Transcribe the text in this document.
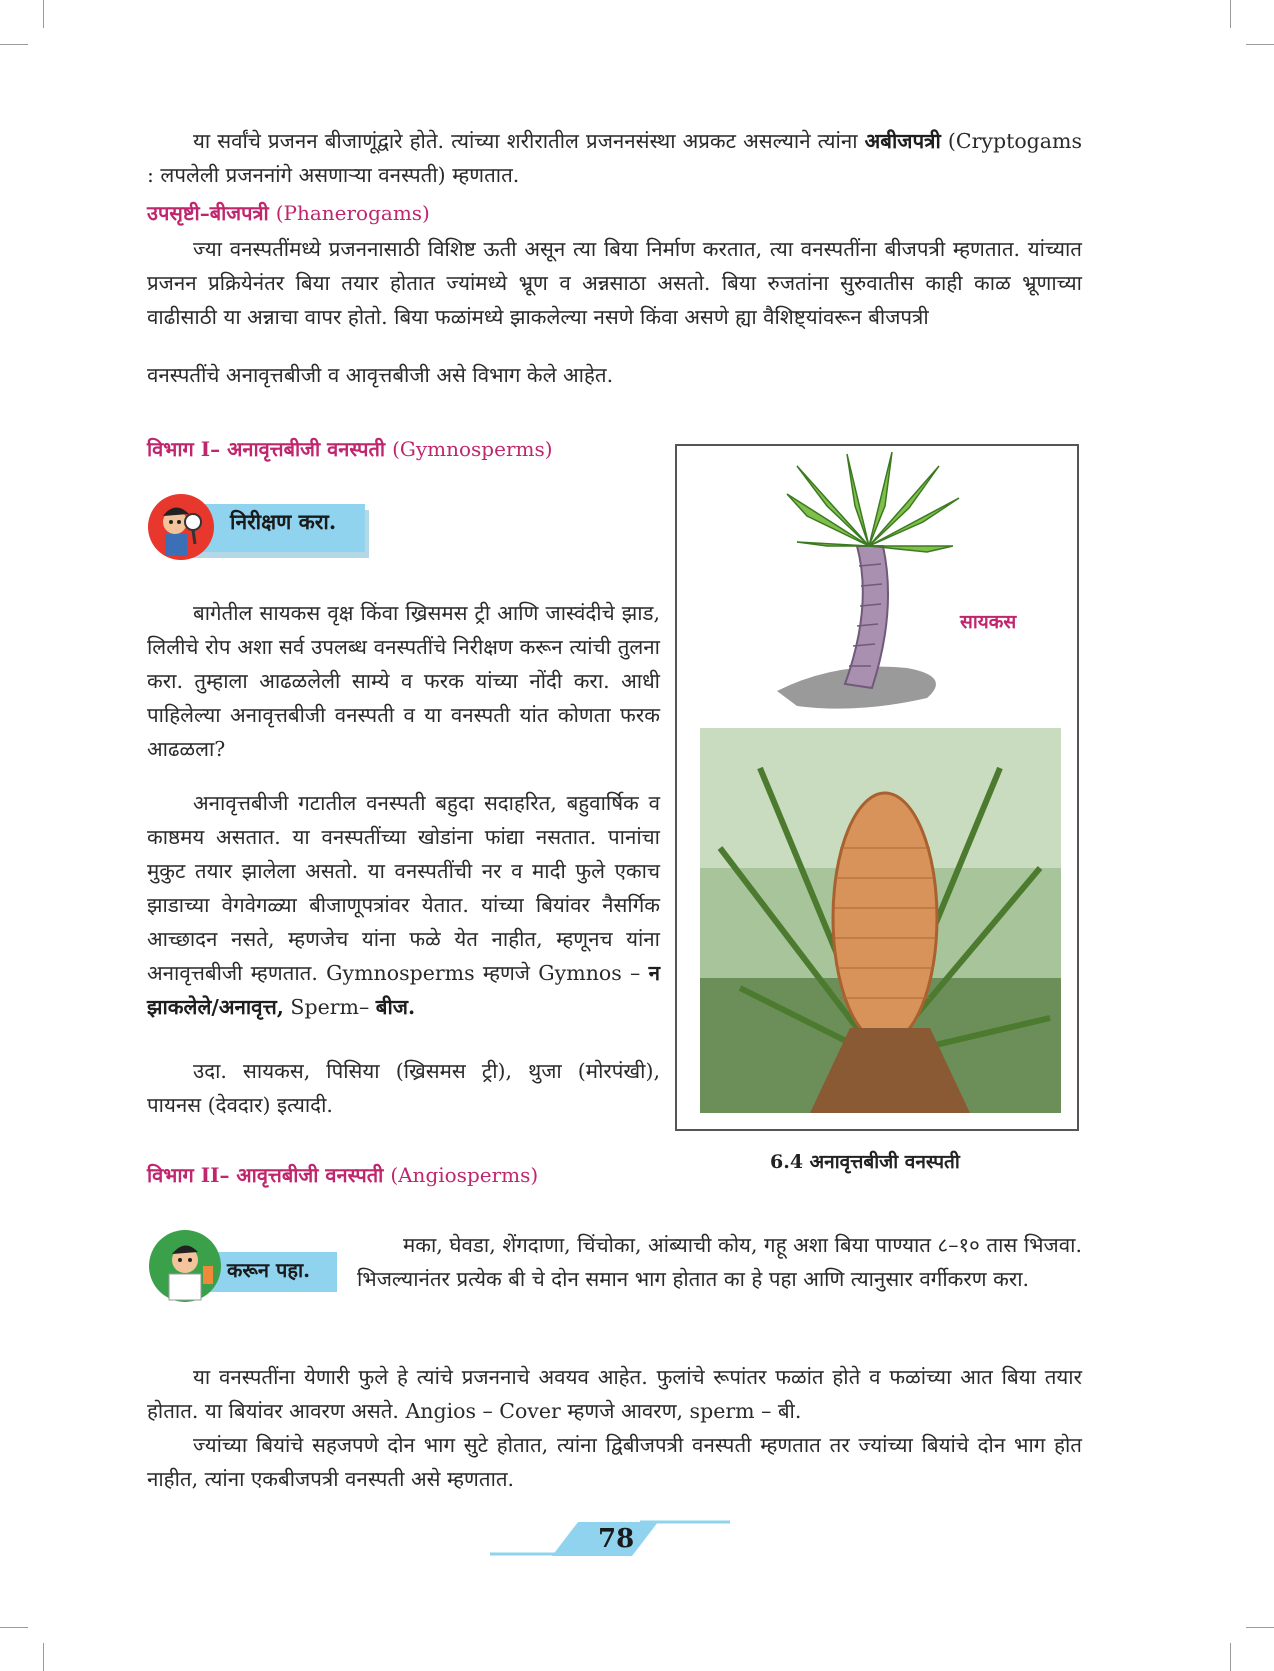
या सर्वांचे प्रजनन बीजाणूंद्वारे होते. त्यांच्या शरीरातील प्रजननसंस्था अप्रकट असल्याने त्यांना अबीजपत्री (Cryptogams : लपलेली प्रजननांगे असणाऱ्या वनस्पती) म्हणतात.

उपसृष्टी–बीजपत्री (Phanerogams)

ज्या वनस्पतींमध्ये प्रजननासाठी विशिष्ट ऊती असून त्या बिया निर्माण करतात, त्या वनस्पतींना बीजपत्री म्हणतात. यांच्यात प्रजनन प्रक्रियेनंतर बिया तयार होतात ज्यांमध्ये भ्रूण व अन्नसाठा असतो. बिया रुजतांना सुरुवातीस काही काळ भ्रूणाच्या वाढीसाठी या अन्नाचा वापर होतो. बिया फळांमध्ये झाकलेल्या नसणे किंवा असणे ह्या वैशिष्ट्यांवरून बीजपत्री

वनस्पतींचे अनावृत्तबीजी व आवृत्तबीजी असे विभाग केले आहेत.

विभाग I– अनावृत्तबीजी वनस्पती (Gymnosperms)
निरीक्षण करा.

बागेतील सायकस वृक्ष किंवा ख्रिसमस ट्री आणि जास्वंदीचे झाड, लिलीचे रोप अशा सर्व उपलब्ध वनस्पतींचे निरीक्षण करून त्यांची तुलना करा. तुम्हाला आढळलेली साम्ये व फरक यांच्या नोंदी करा. आधी पाहिलेल्या अनावृत्तबीजी वनस्पती व या वनस्पती यांत कोणता फरक आढळला?

अनावृत्तबीजी गटातील वनस्पती बहुदा सदाहरित, बहुवार्षिक व काष्ठमय असतात. या वनस्पतींच्या खोडांना फांद्या नसतात. पानांचा मुकुट तयार झालेला असतो. या वनस्पतींची नर व मादी फुले एकाच झाडाच्या वेगवेगळ्या बीजाणूपत्रांवर येतात. यांच्या बियांवर नैसर्गिक आच्छादन नसते, म्हणजेच यांना फळे येत नाहीत, म्हणूनच यांना अनावृत्तबीजी म्हणतात. Gymnosperms म्हणजे Gymnos – न झाकलेले/अनावृत्त, Sperm– बीज.

उदा. सायकस, पिसिया (ख्रिसमस ट्री), थुजा (मोरपंखी), पायनस (देवदार) इत्यादी.

सायकस
6.4 अनावृत्तबीजी वनस्पती
विभाग II– आवृत्तबीजी वनस्पती (Angiosperms)
करून पहा.

मका, घेवडा, शेंगदाणा, चिंचोका, आंब्याची कोय, गहू अशा बिया पाण्यात ८–१० तास भिजवा. भिजल्यानंतर प्रत्येक बी चे दोन समान भाग होतात का हे पहा आणि त्यानुसार वर्गीकरण करा.

या वनस्पतींना येणारी फुले हे त्यांचे प्रजननाचे अवयव आहेत. फुलांचे रूपांतर फळांत होते व फळांच्या आत बिया तयार होतात. या बियांवर आवरण असते. Angios – Cover म्हणजे आवरण, sperm – बी.

ज्यांच्या बियांचे सहजपणे दोन भाग सुटे होतात, त्यांना द्विबीजपत्री वनस्पती म्हणतात तर ज्यांच्या बियांचे दोन भाग होत नाहीत, त्यांना एकबीजपत्री वनस्पती असे म्हणतात.

78
